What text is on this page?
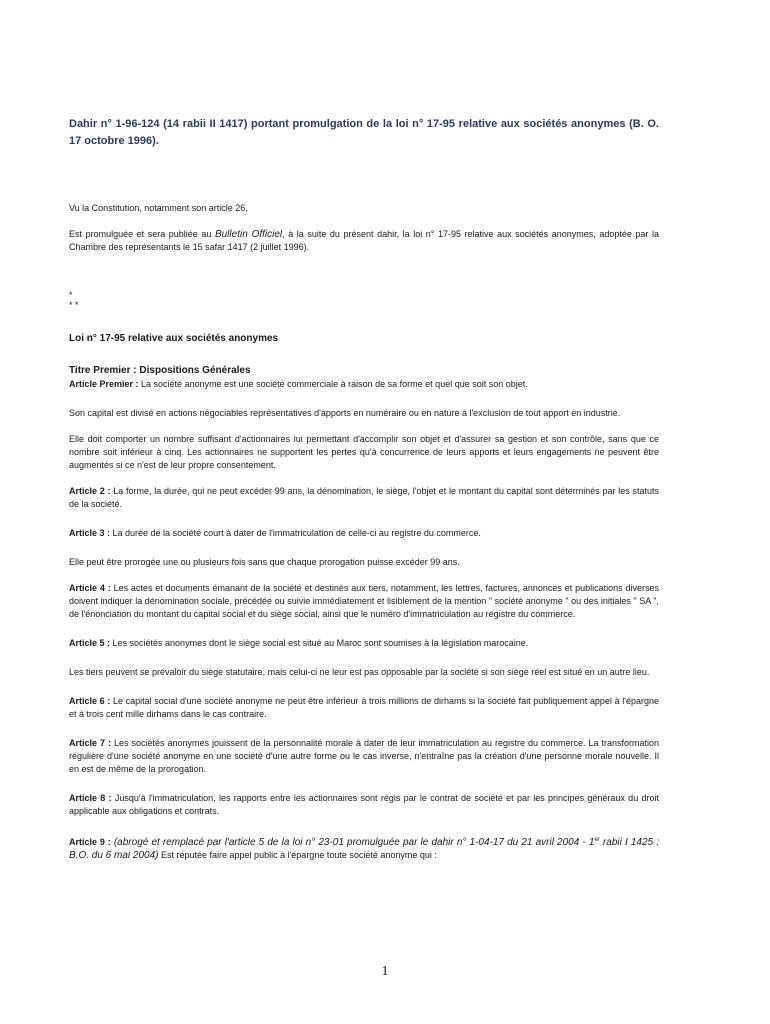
Dahir n° 1-96-124 (14 rabii II 1417) portant promulgation de la loi n° 17-95 relative aux sociétés anonymes (B. O. 17 octobre 1996).

Vu la Constitution, notamment son article 26,

Est promulguée et sera publiée au Bulletin Officiel, à la suite du présent dahir, la loi n° 17-95 relative aux sociétés anonymes, adoptée par la Chambre des représentants le 15 safar 1417 (2 juillet 1996).

*

* *

Loi n° 17-95 relative aux sociétés anonymes

Titre Premier : Dispositions Générales

Article Premier : La société anonyme est une société commerciale à raison de sa forme et quel que soit son objet.

Son capital est divisé en actions négociables représentatives d'apports en numéraire ou en nature à l'exclusion de tout apport en industrie.

Elle doit comporter un nombre suffisant d'actionnaires lui permettant d'accomplir son objet et d'assurer sa gestion et son contrôle, sans que ce nombre soit inférieur à cinq. Les actionnaires ne supportent les pertes qu'à concurrence de leurs apports et leurs engagements ne peuvent être augmentés si ce n'est de leur propre consentement.

Article 2 : La forme, la durée, qui ne peut excéder 99 ans, la dénomination, le siège, l'objet et le montant du capital sont déterminés par les statuts de la société.

Article 3 : La durée de la société court à dater de l'immatriculation de celle-ci au registre du commerce.

Elle peut être prorogée une ou plusieurs fois sans que chaque prorogation puisse excéder 99 ans.

Article 4 : Les actes et documents émanant de la société et destinés aux tiers, notamment, les lettres, factures, annonces et publications diverses doivent indiquer la dénomination sociale, précédée ou suivie immédiatement et lisiblement de la mention " société anonyme " ou des initiales " SA ", de l'énonciation du montant du capital social et du siège social, ainsi que le numéro d'immatriculation au registre du commerce.

Article 5 : Les sociétés anonymes dont le siège social est situé au Maroc sont soumises à la législation marocaine.

Les tiers peuvent se prévaloir du siège statutaire, mais celui-ci ne leur est pas opposable par la société si son siège réel est situé en un autre lieu.

Article 6 : Le capital social d'une société anonyme ne peut être inférieur à trois millions de dirhams si la société fait publiquement appel à l'épargne et à trois cent mille dirhams dans le cas contraire.

Article 7 : Les sociétés anonymes jouissent de la personnalité morale à dater de leur immatriculation au registre du commerce. La transformation régulière d'une société anonyme en une société d'une autre forme ou le cas inverse, n'entraîne pas la création d'une personne morale nouvelle. Il en est de même de la prorogation.

Article 8 : Jusqu'à l'immatriculation, les rapports entre les actionnaires sont régis par le contrat de société et par les principes généraux du droit applicable aux obligations et contrats.

Article 9 : (abrogé et remplacé par l'article 5 de la loi n° 23-01 promulguée par le dahir n° 1-04-17 du 21 avril 2004 - 1er rabii I 1425 ; B.O. du 6 mai 2004) Est réputée faire appel public à l'épargne toute société anonyme qui :

1
